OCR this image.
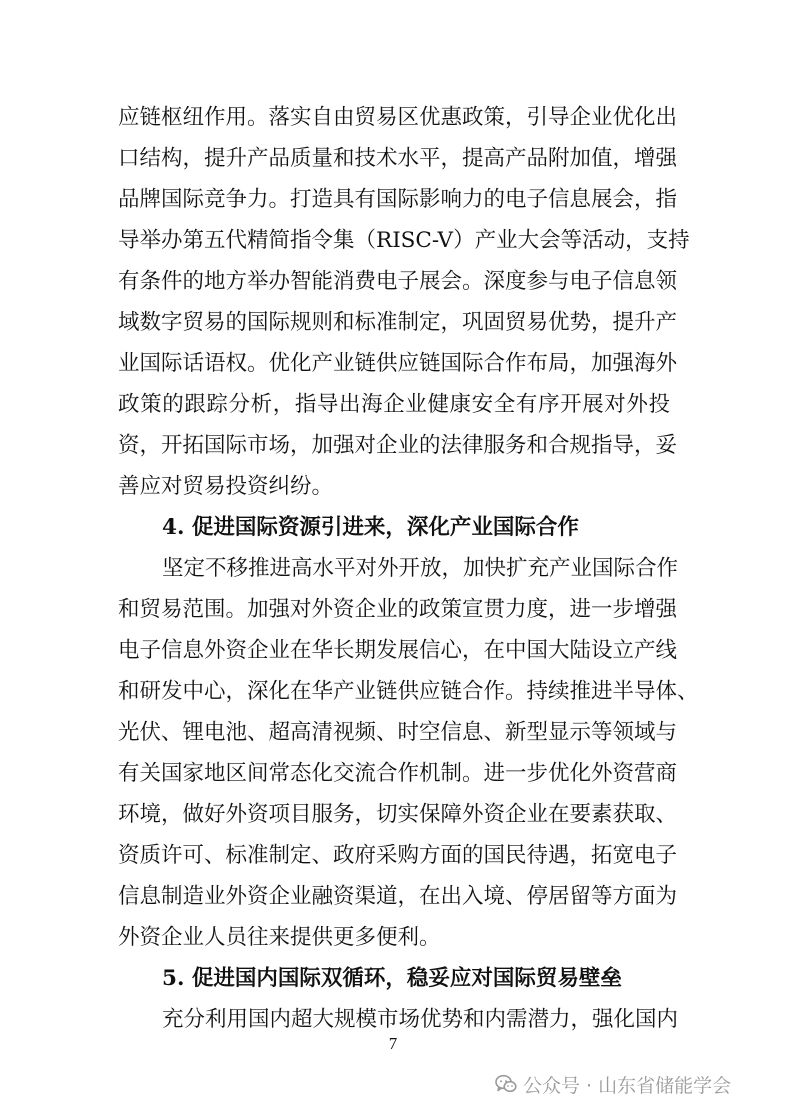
应链枢纽作用。落实自由贸易区优惠政策，引导企业优化出
口结构，提升产品质量和技术水平，提高产品附加值，增强
品牌国际竞争力。打造具有国际影响力的电子信息展会，指
导举办第五代精简指令集（RISC-V）产业大会等活动，支持
有条件的地方举办智能消费电子展会。深度参与电子信息领
域数字贸易的国际规则和标准制定，巩固贸易优势，提升产
业国际话语权。优化产业链供应链国际合作布局，加强海外
政策的跟踪分析，指导出海企业健康安全有序开展对外投
资，开拓国际市场，加强对企业的法律服务和合规指导，妥
善应对贸易投资纠纷。
4. 促进国际资源引进来，深化产业国际合作
坚定不移推进高水平对外开放，加快扩充产业国际合作
和贸易范围。加强对外资企业的政策宣贯力度，进一步增强
电子信息外资企业在华长期发展信心，在中国大陆设立产线
和研发中心，深化在华产业链供应链合作。持续推进半导体、
光伏、锂电池、超高清视频、时空信息、新型显示等领域与
有关国家地区间常态化交流合作机制。进一步优化外资营商
环境，做好外资项目服务，切实保障外资企业在要素获取、
资质许可、标准制定、政府采购方面的国民待遇，拓宽电子
信息制造业外资企业融资渠道，在出入境、停居留等方面为
外资企业人员往来提供更多便利。
5. 促进国内国际双循环，稳妥应对国际贸易壁垒
充分利用国内超大规模市场优势和内需潜力，强化国内
7
公众号 · 山东省储能学会
